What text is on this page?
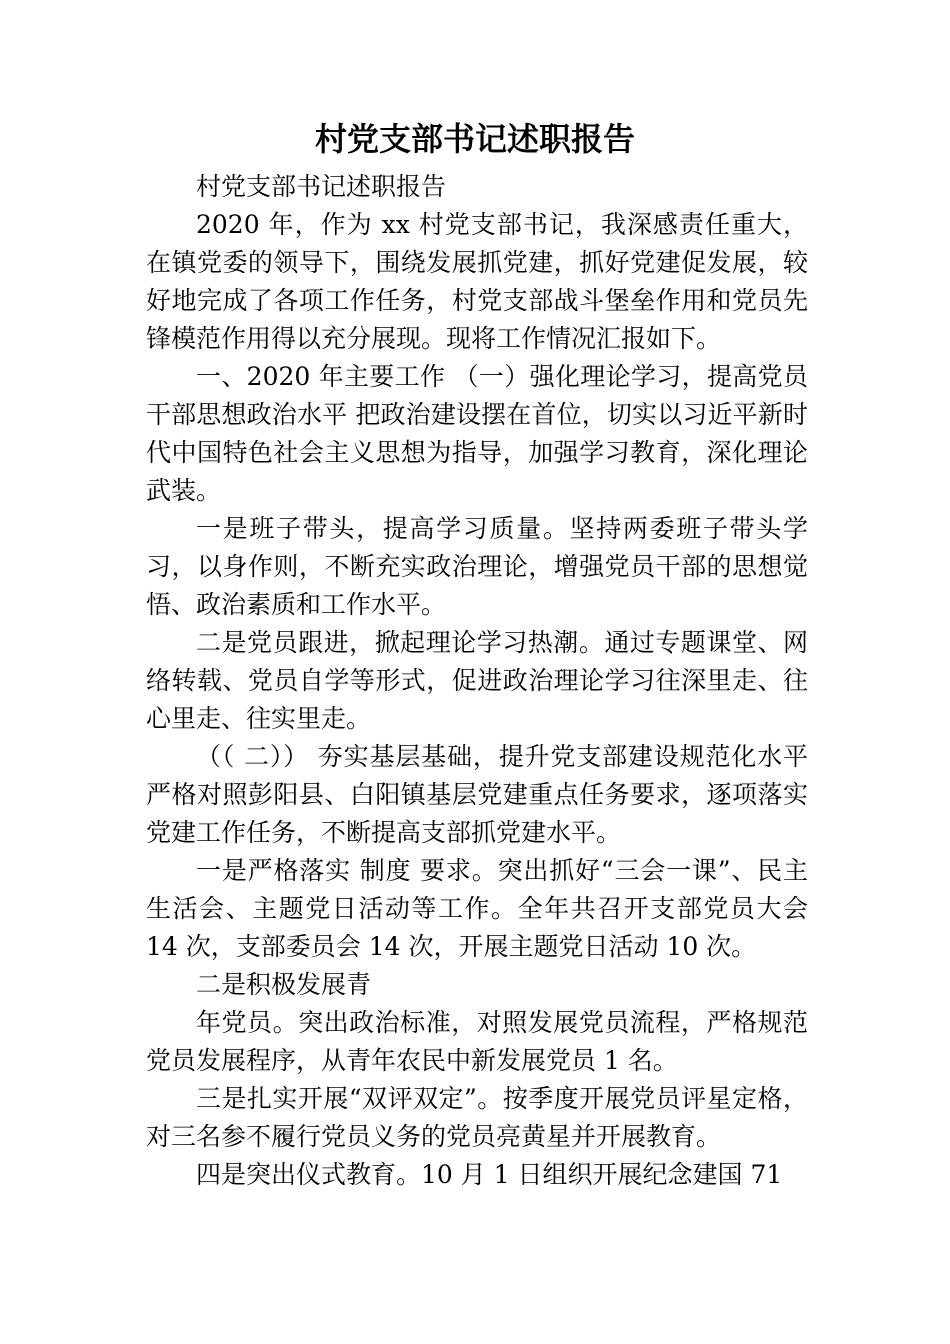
村党支部书记述职报告

村党支部书记述职报告

2020 年，作为 xx 村党支部书记，我深感责任重大，在镇党委的领导下，围绕发展抓党建，抓好党建促发展，较好地完成了各项工作任务，村党支部战斗堡垒作用和党员先锋模范作用得以充分展现。现将工作情况汇报如下。

一、2020 年主要工作 （一）强化理论学习，提高党员干部思想政治水平 把政治建设摆在首位，切实以习近平新时代中国特色社会主义思想为指导，加强学习教育，深化理论武装。

一是班子带头，提高学习质量。坚持两委班子带头学习，以身作则，不断充实政治理论，增强党员干部的思想觉悟、政治素质和工作水平。

二是党员跟进，掀起理论学习热潮。通过专题课堂、网络转载、党员自学等形式，促进政治理论学习往深里走、往心里走、往实里走。

（（ 二）） 夯实基层基础，提升党支部建设规范化水平 严格对照彭阳县、白阳镇基层党建重点任务要求，逐项落实党建工作任务，不断提高支部抓党建水平。

一是严格落实 制度 要求。突出抓好“三会一课”、民主生活会、主题党日活动等工作。全年共召开支部党员大会 14 次，支部委员会 14 次，开展主题党日活动 10 次。

二是积极发展青

年党员。突出政治标准，对照发展党员流程，严格规范党员发展程序，从青年农民中新发展党员 1 名。

三是扎实开展“双评双定”。按季度开展党员评星定格，对三名参不履行党员义务的党员亮黄星并开展教育。

四是突出仪式教育。10 月 1 日组织开展纪念建国 71
